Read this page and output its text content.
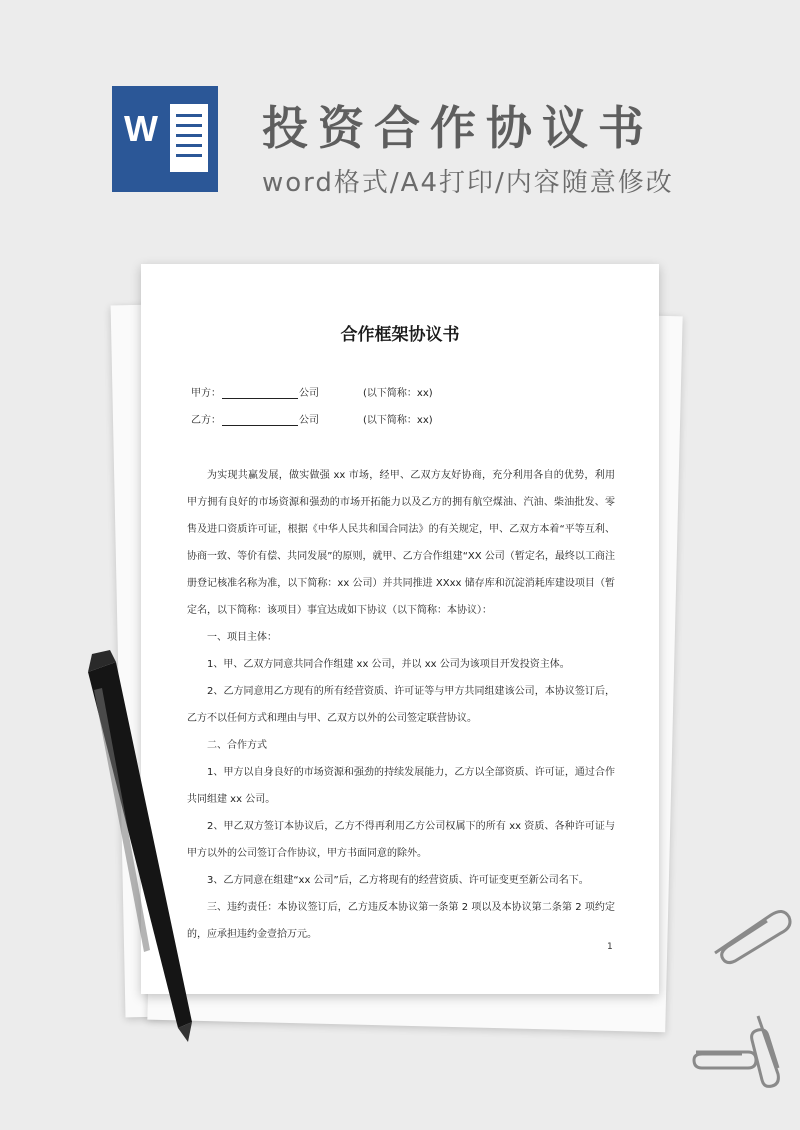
W 投资合作协议书
word格式/A4打印/内容随意修改
合作框架协议书
甲方：	公司	(以下简称：xx)
乙方：	公司	(以下简称：xx)

为实现共赢发展，做实做强 xx 市场，经甲、乙双方友好协商，充分利用各自的优势，利用甲方拥有良好的市场资源和强劲的市场开拓能力以及乙方的拥有航空煤油、汽油、柴油批发、零售及进口资质许可证，根据《中华人民共和国合同法》的有关规定，甲、乙双方本着“平等互利、协商一致、等价有偿、共同发展”的原则，就甲、乙方合作组建“XX 公司（暂定名，最终以工商注册登记核准名称为准，以下简称：xx 公司）并共同推进 XXxx 储存库和沉淀消耗库建设项目（暂定名，以下简称：该项目）事宜达成如下协议（以下简称：本协议）：

一、项目主体：

1、甲、乙双方同意共同合作组建 xx 公司，并以 xx 公司为该项目开发投资主体。

2、乙方同意用乙方现有的所有经营资质、许可证等与甲方共同组建该公司，本协议签订后，乙方不以任何方式和理由与甲、乙双方以外的公司签定联营协议。

二、合作方式

1、甲方以自身良好的市场资源和强劲的持续发展能力，乙方以全部资质、许可证，通过合作共同组建 xx 公司。

2、甲乙双方签订本协议后，乙方不得再利用乙方公司权属下的所有 xx 资质、各种许可证与甲方以外的公司签订合作协议，甲方书面同意的除外。

3、乙方同意在组建“xx 公司”后，乙方将现有的经营资质、许可证变更至新公司名下。

三、违约责任：本协议签订后，乙方违反本协议第一条第 2 项以及本协议第二条第 2 项约定的，应承担违约金壹拾万元。

1
